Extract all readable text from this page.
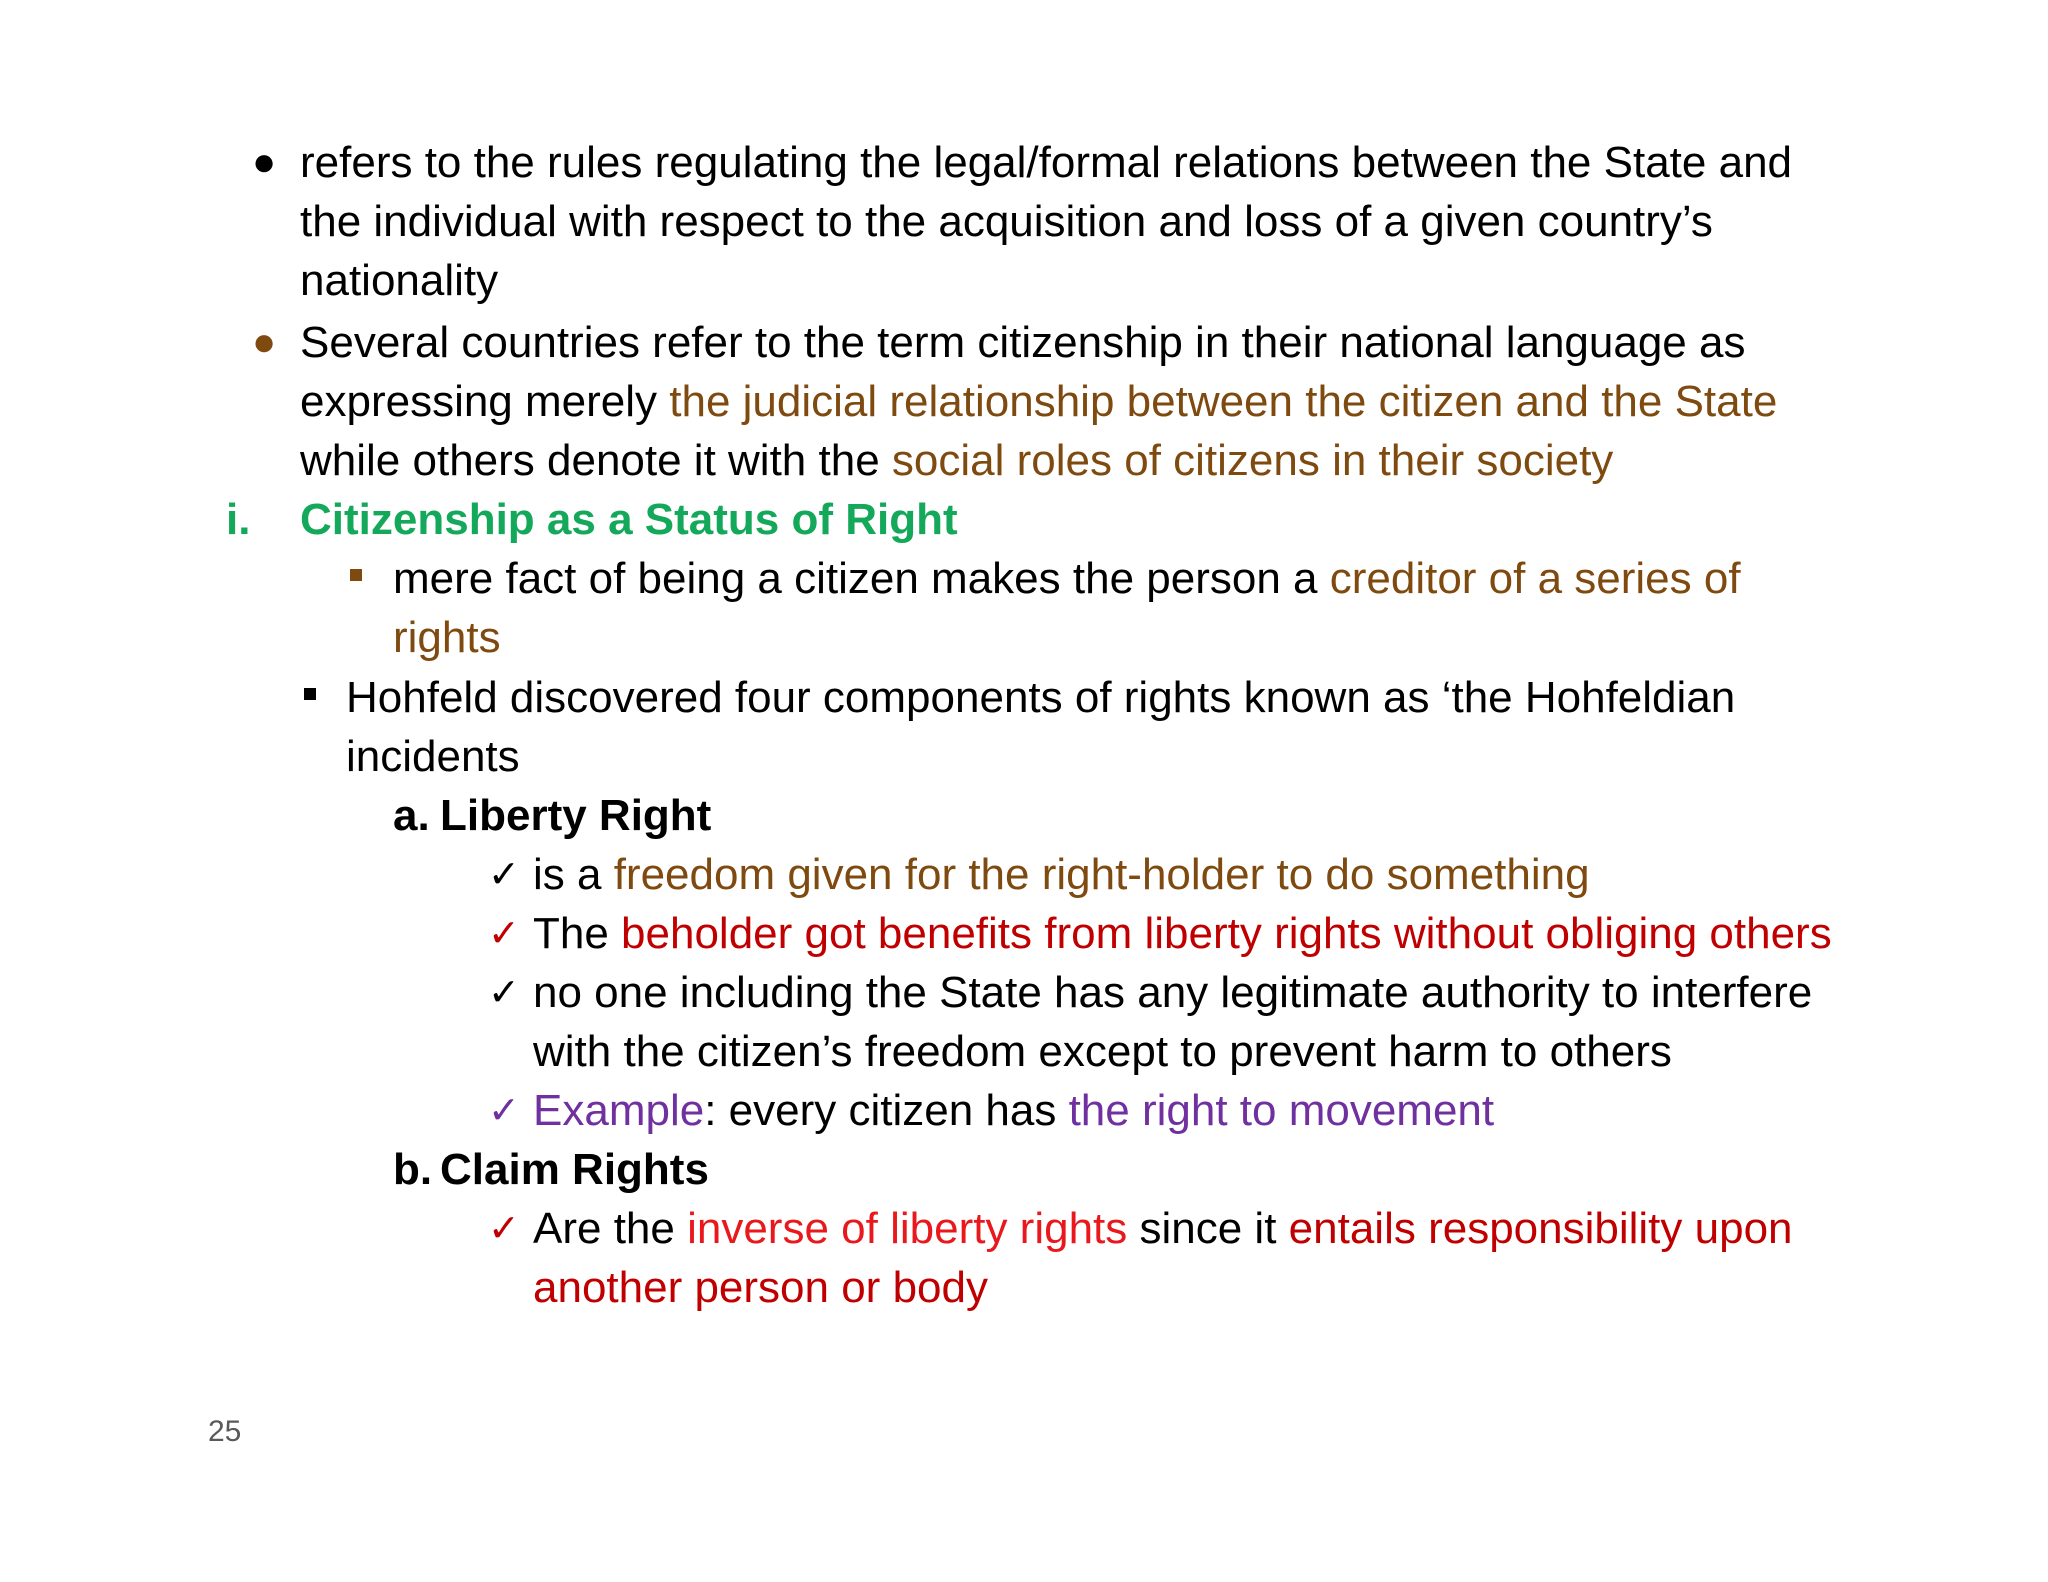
● refers to the rules regulating the legal/formal relations between the State and
the individual with respect to the acquisition and loss of a given country’s
nationality
● Several countries refer to the term citizenship in their national language as
expressing merely the judicial relationship between the citizen and the State
while others denote it with the social roles of citizens in their society
i. Citizenship as a Status of Right
mere fact of being a citizen makes the person a creditor of a series of
rights
Hohfeld discovered four components of rights known as ‘the Hohfeldian
incidents
a. Liberty Right
✓ is a freedom given for the right-holder to do something
✓ The beholder got benefits from liberty rights without obliging others
✓ no one including the State has any legitimate authority to interfere
with the citizen’s freedom except to prevent harm to others
✓ Example: every citizen has the right to movement
b. Claim Rights
✓ Are the inverse of liberty rights since it entails responsibility upon
another person or body
25
